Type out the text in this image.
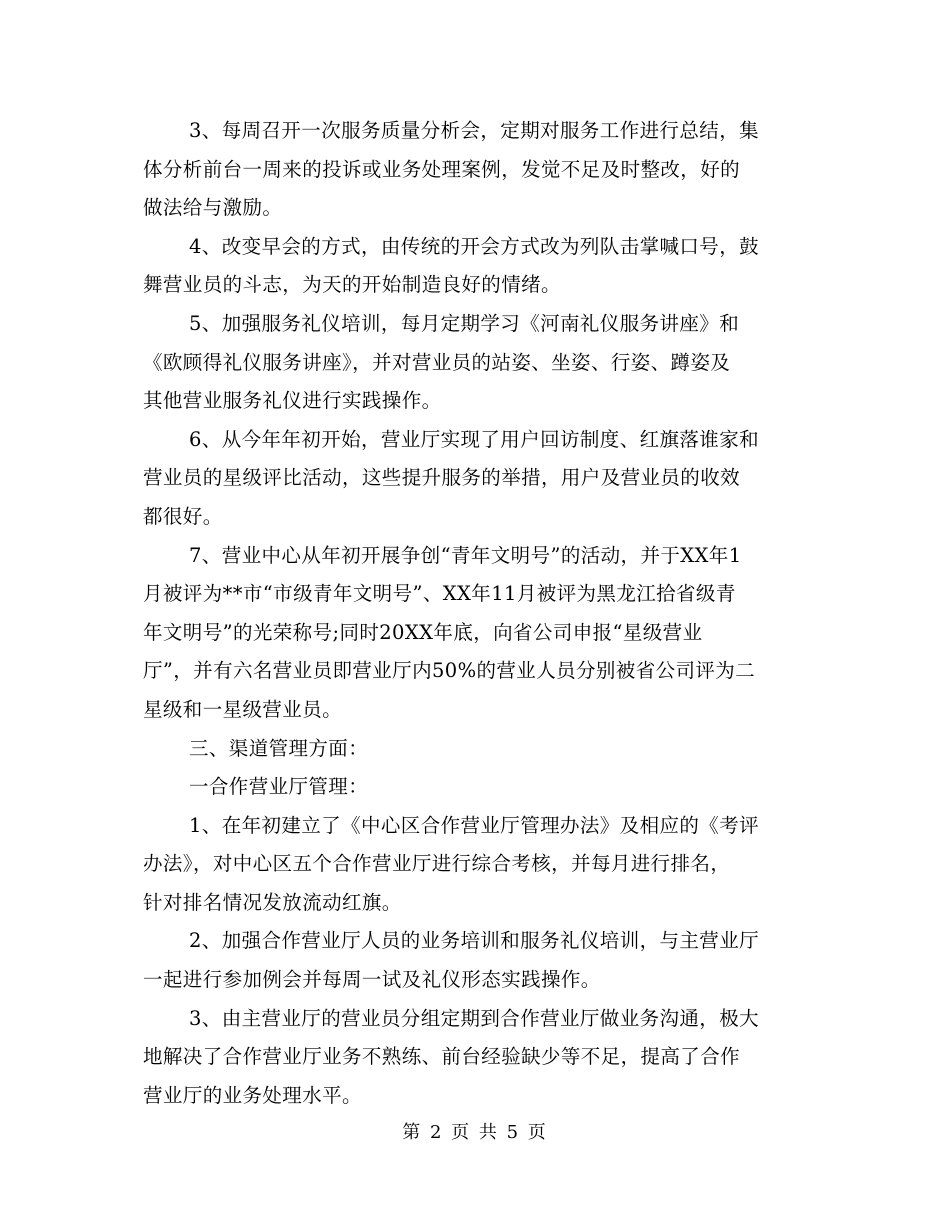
3、每周召开一次服务质量分析会，定期对服务工作进行总结，集
体分析前台一周来的投诉或业务处理案例，发觉不足及时整改，好的
做法给与激励。
4、改变早会的方式，由传统的开会方式改为列队击掌喊口号，鼓
舞营业员的斗志，为天的开始制造良好的情绪。
5、加强服务礼仪培训，每月定期学习《河南礼仪服务讲座》和
《欧顾得礼仪服务讲座》，并对营业员的站姿、坐姿、行姿、蹲姿及
其他营业服务礼仪进行实践操作。
6、从今年年初开始，营业厅实现了用户回访制度、红旗落谁家和
营业员的星级评比活动，这些提升服务的举措，用户及营业员的收效
都很好。
7、营业中心从年初开展争创“青年文明号”的活动，并于XX年1
月被评为**市“市级青年文明号”、XX年11月被评为黑龙江拾省级青
年文明号”的光荣称号;同时20XX年底，向省公司申报“星级营业
厅”，并有六名营业员即营业厅内50%的营业人员分别被省公司评为二
星级和一星级营业员。
三、渠道管理方面：
一合作营业厅管理：
1、在年初建立了《中心区合作营业厅管理办法》及相应的《考评
办法》，对中心区五个合作营业厅进行综合考核，并每月进行排名，
针对排名情况发放流动红旗。
2、加强合作营业厅人员的业务培训和服务礼仪培训，与主营业厅
一起进行参加例会并每周一试及礼仪形态实践操作。
3、由主营业厅的营业员分组定期到合作营业厅做业务沟通，极大
地解决了合作营业厅业务不熟练、前台经验缺少等不足，提高了合作
营业厅的业务处理水平。
第 2 页 共 5 页
